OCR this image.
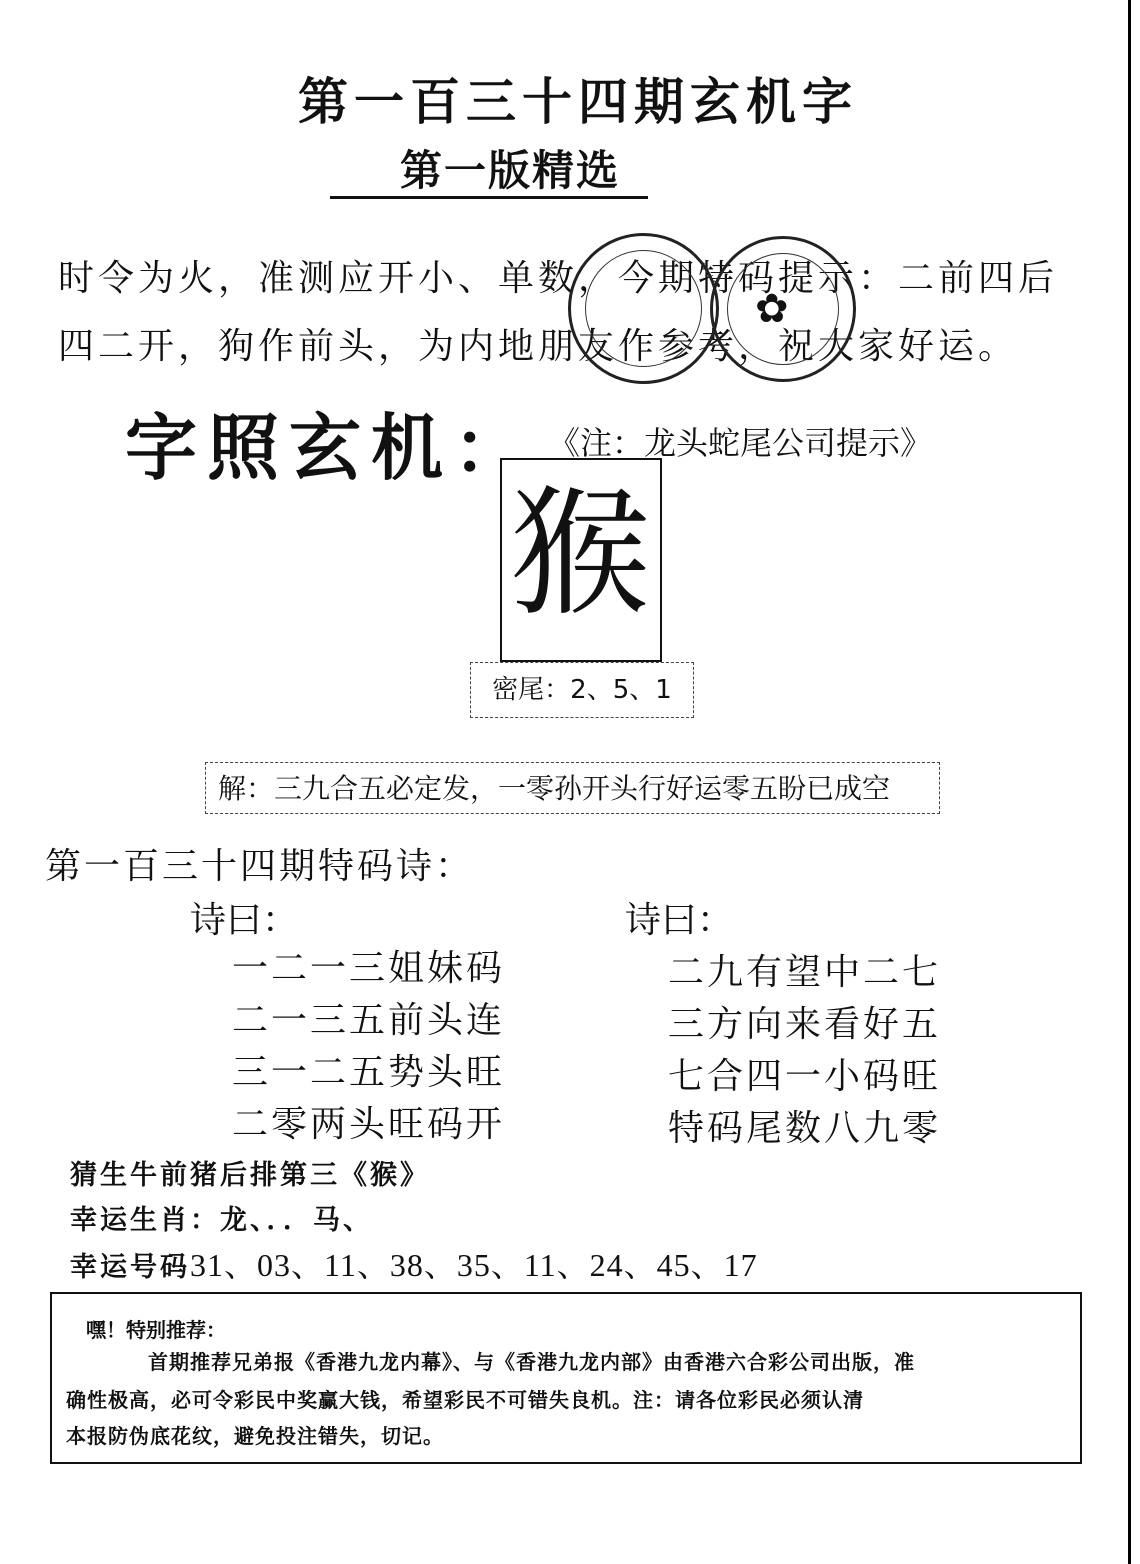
第一百三十四期玄机字
第一版精选
时令为火，准测应开小、单数，今期特码提示：二前四后
四二开，狗作前头，为内地朋友作参考，祝大家好运。
✿
字照玄机： 《注：龙头蛇尾公司提示》
猴
密尾：2、5、1
解：三九合五必定发，一零孙开头行好运零五盼已成空
第一百三十四期特码诗：
诗曰：	诗曰：
一二一三姐妹码
二一三五前头连
三一二五势头旺
二零两头旺码开
二九有望中二七
三方向来看好五
七合四一小码旺
特码尾数八九零
猜生牛前猪后排第三《猴》
幸运生肖：龙、．．马、
幸运号码31、03、11、38、35、11、24、45、17
嘿！特别推荐：
首期推荐兄弟报《香港九龙内幕》、与《香港九龙内部》由香港六合彩公司出版，准
确性极高，必可令彩民中奖赢大钱，希望彩民不可错失良机。注：请各位彩民必须认清
本报防伪底花纹，避免投注错失，切记。
